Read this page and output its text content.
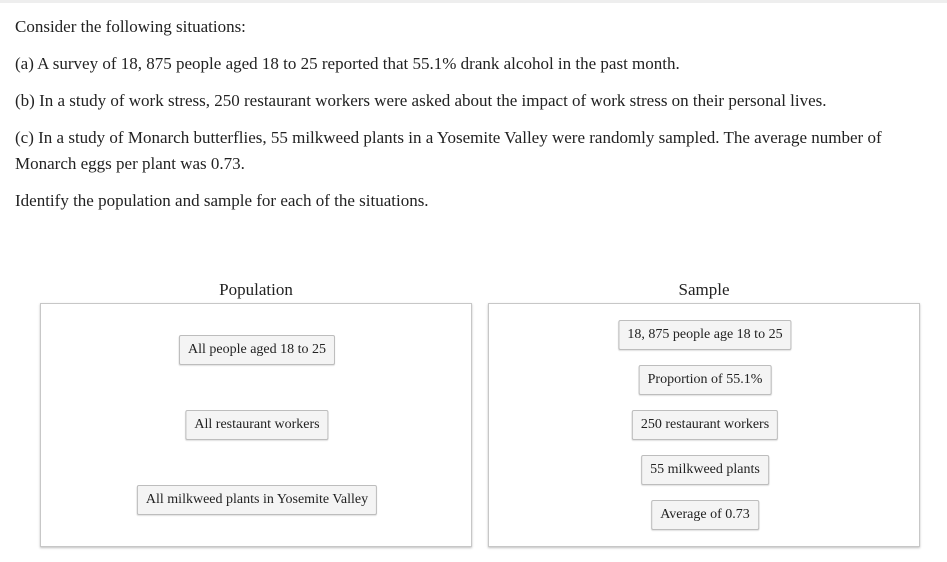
Consider the following situations:

(a) A survey of 18, 875 people aged 18 to 25 reported that 55.1% drank alcohol in the past month.

(b) In a study of work stress, 250 restaurant workers were asked about the impact of work stress on their personal lives.

(c) In a study of Monarch butterflies, 55 milkweed plants in a Yosemite Valley were randomly sampled. The average number of Monarch eggs per plant was 0.73.

Identify the population and sample for each of the situations.

Population	Sample
All people aged 18 to 25
All restaurant workers
All milkweed plants in Yosemite Valley
18, 875 people age 18 to 25
Proportion of 55.1%
250 restaurant workers
55 milkweed plants
Average of 0.73
